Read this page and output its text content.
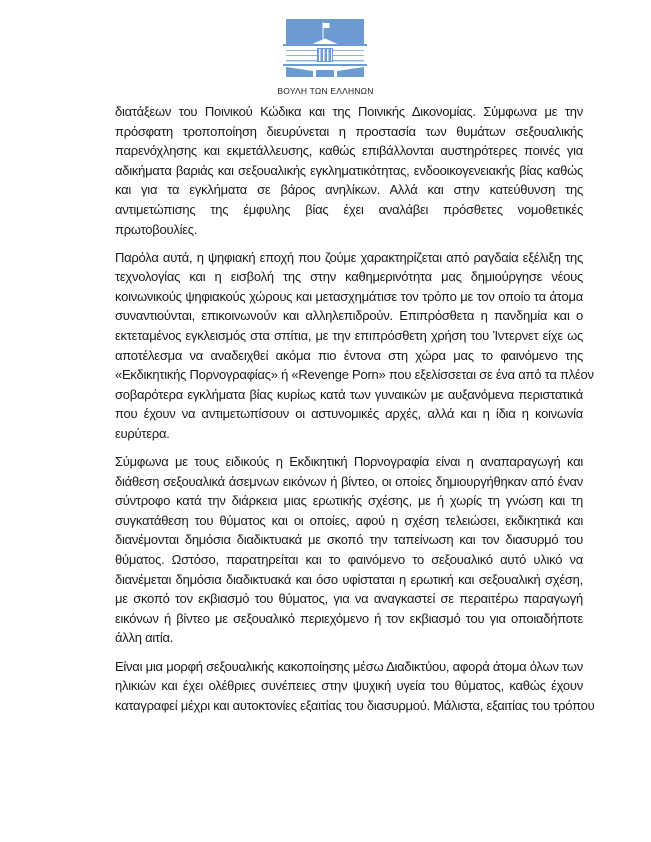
ΒΟΥΛΗ ΤΩΝ ΕΛΛΗΝΩΝ
διατάξεων του Ποινικού Κώδικα και της Ποινικής Δικονομίας. Σύμφωνα με την
πρόσφατη τροποποίηση διευρύνεται η προστασία των θυμάτων σεξουαλικής
παρενόχλησης και εκμετάλλευσης, καθώς επιβάλλονται αυστηρότερες ποινές για
αδικήματα βαριάς και σεξουαλικής εγκληματικότητας, ενδοοικογενειακής βίας καθώς
και για τα εγκλήματα σε βάρος ανηλίκων. Αλλά και στην κατεύθυνση της
αντιμετώπισης της έμφυλης βίας έχει αναλάβει πρόσθετες νομοθετικές
πρωτοβουλίες.
Παρόλα αυτά, η ψηφιακή εποχή που ζούμε χαρακτηρίζεται από ραγδαία εξέλιξη της
τεχνολογίας και η εισβολή της στην καθημερινότητα μας δημιούργησε νέους
κοινωνικούς ψηφιακούς χώρους και μετασχημάτισε τον τρόπο με τον οποίο τα άτομα
συναντιούνται, επικοινωνούν και αλληλεπιδρούν. Επιπρόσθετα η πανδημία και ο
εκτεταμένος εγκλεισμός στα σπίτια, με την επιπρόσθετη χρήση του Ίντερνετ είχε ως
αποτέλεσμα να αναδειχθεί ακόμα πιο έντονα στη χώρα μας το φαινόμενο της
«Εκδικητικής Πορνογραφίας» ή «Revenge Porn» που εξελίσσεται σε ένα από τα πλέον
σοβαρότερα εγκλήματα βίας κυρίως κατά των γυναικών με αυξανόμενα περιστατικά
που έχουν να αντιμετωπίσουν οι αστυνομικές αρχές, αλλά και η ίδια η κοινωνία
ευρύτερα.
Σύμφωνα με τους ειδικούς η Εκδικητική Πορνογραφία είναι η αναπαραγωγή και
διάθεση σεξουαλικά άσεμνων εικόνων ή βίντεο, οι οποίες δημιουργήθηκαν από έναν
σύντροφο κατά την διάρκεια μιας ερωτικής σχέσης, με ή χωρίς τη γνώση και τη
συγκατάθεση του θύματος και οι οποίες, αφού η σχέση τελειώσει, εκδικητικά και
διανέμονται δημόσια διαδικτυακά με σκοπό την ταπείνωση και τον διασυρμό του
θύματος. Ωστόσο, παρατηρείται και το φαινόμενο το σεξουαλικό αυτό υλικό να
διανέμεται δημόσια διαδικτυακά και όσο υφίσταται η ερωτική και σεξουαλική σχέση,
με σκοπό τον εκβιασμό του θύματος, για να αναγκαστεί σε περαιτέρω παραγωγή
εικόνων ή βίντεο με σεξουαλικό περιεχόμενο ή τον εκβιασμό του για οποιαδήποτε
άλλη αιτία.
Είναι μια μορφή σεξουαλικής κακοποίησης μέσω Διαδικτύου, αφορά άτομα όλων των
ηλικιών και έχει ολέθριες συνέπειες στην ψυχική υγεία του θύματος, καθώς έχουν
καταγραφεί μέχρι και αυτοκτονίες εξαιτίας του διασυρμού. Μάλιστα, εξαιτίας του τρόπου
